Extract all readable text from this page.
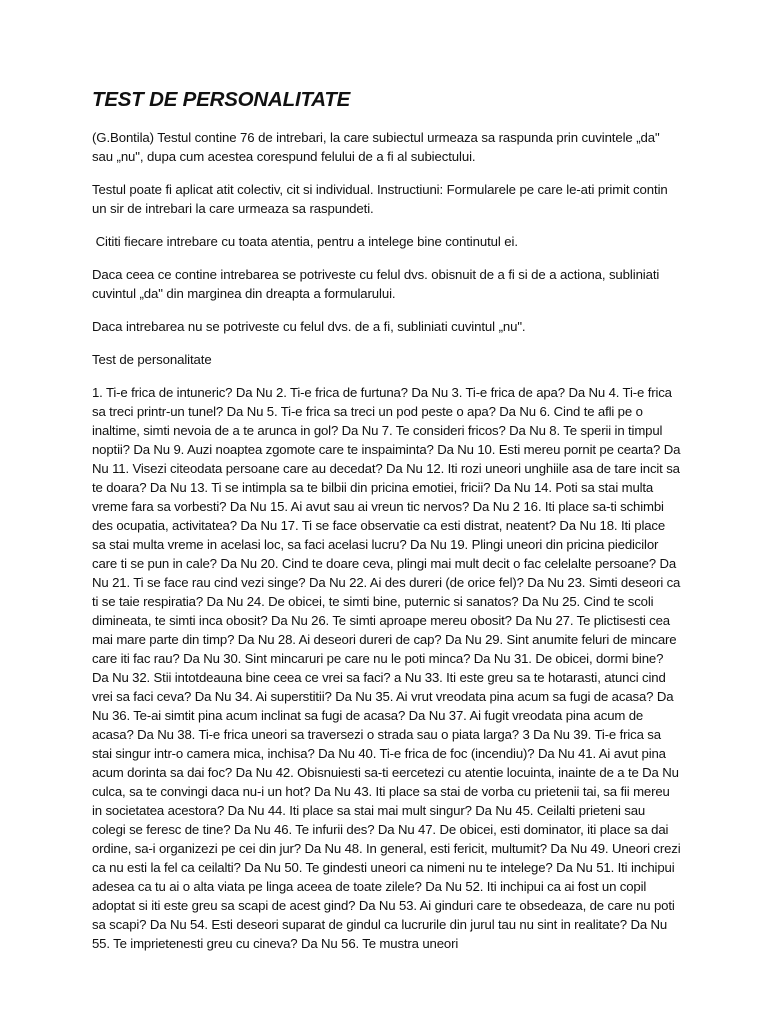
TEST DE PERSONALITATE

(G.Bontila) Testul contine 76 de intrebari, la care subiectul urmeaza sa raspunda prin cuvintele „da" sau „nu", dupa cum acestea corespund felului de a fi al subiectului.

Testul poate fi aplicat atit colectiv, cit si individual. Instructiuni: Formularele pe care le-ati primit contin un sir de intrebari la care urmeaza sa raspundeti.

Cititi fiecare intrebare cu toata atentia, pentru a intelege bine continutul ei.

Daca ceea ce contine intrebarea se potriveste cu felul dvs. obisnuit de a fi si de a actiona, subliniati cuvintul „da" din marginea din dreapta a formularului.

Daca intrebarea nu se potriveste cu felul dvs. de a fi, subliniati cuvintul „nu".

Test de personalitate

1. Ti-e frica de intuneric? Da Nu 2. Ti-e frica de furtuna? Da Nu 3. Ti-e frica de apa? Da Nu 4. Ti-e frica sa treci printr-un tunel? Da Nu 5. Ti-e frica sa treci un pod peste o apa? Da Nu 6. Cind te afli pe o inaltime, simti nevoia de a te arunca in gol? Da Nu 7. Te consideri fricos? Da Nu 8. Te sperii in timpul noptii? Da Nu 9. Auzi noaptea zgomote care te inspaiminta? Da Nu 10. Esti mereu pornit pe cearta? Da Nu 11. Visezi citeodata persoane care au decedat? Da Nu 12. Iti rozi uneori unghiile asa de tare incit sa te doara? Da Nu 13. Ti se intimpla sa te bilbii din pricina emotiei, fricii? Da Nu 14. Poti sa stai multa vreme fara sa vorbesti? Da Nu 15. Ai avut sau ai vreun tic nervos? Da Nu 2 16. Iti place sa-ti schimbi des ocupatia, activitatea? Da Nu 17. Ti se face observatie ca esti distrat, neatent? Da Nu 18. Iti place sa stai multa vreme in acelasi loc, sa faci acelasi lucru? Da Nu 19. Plingi uneori din pricina piedicilor care ti se pun in cale? Da Nu 20. Cind te doare ceva, plingi mai mult decit o fac celelalte persoane? Da Nu 21. Ti se face rau cind vezi singe? Da Nu 22. Ai des dureri (de orice fel)? Da Nu 23. Simti deseori ca ti se taie respiratia? Da Nu 24. De obicei, te simti bine, puternic si sanatos? Da Nu 25. Cind te scoli dimineata, te simti inca obosit? Da Nu 26. Te simti aproape mereu obosit? Da Nu 27. Te plictisesti cea mai mare parte din timp? Da Nu 28. Ai deseori dureri de cap? Da Nu 29. Sint anumite feluri de mincare care iti fac rau? Da Nu 30. Sint mincaruri pe care nu le poti minca? Da Nu 31. De obicei, dormi bine? Da Nu 32. Stii intotdeauna bine ceea ce vrei sa faci? a Nu 33. Iti este greu sa te hotarasti, atunci cind vrei sa faci ceva? Da Nu 34. Ai superstitii? Da Nu 35. Ai vrut vreodata pina acum sa fugi de acasa? Da Nu 36. Te-ai simtit pina acum inclinat sa fugi de acasa? Da Nu 37. Ai fugit vreodata pina acum de acasa? Da Nu 38. Ti-e frica uneori sa traversezi o strada sau o piata larga? 3 Da Nu 39. Ti-e frica sa stai singur intr-o camera mica, inchisa? Da Nu 40. Ti-e frica de foc (incendiu)? Da Nu 41. Ai avut pina acum dorinta sa dai foc? Da Nu 42. Obisnuiesti sa-ti eercetezi cu atentie locuinta, inainte de a te Da Nu culca, sa te convingi daca nu-i un hot? Da Nu 43. Iti place sa stai de vorba cu prietenii tai, sa fii mereu in societatea acestora? Da Nu 44. Iti place sa stai mai mult singur? Da Nu 45. Ceilalti prieteni sau colegi se feresc de tine? Da Nu 46. Te infurii des? Da Nu 47. De obicei, esti dominator, iti place sa dai ordine, sa-i organizezi pe cei din jur? Da Nu 48. In general, esti fericit, multumit? Da Nu 49. Uneori crezi ca nu esti la fel ca ceilalti? Da Nu 50. Te gindesti uneori ca nimeni nu te intelege? Da Nu 51. Iti inchipui adesea ca tu ai o alta viata pe linga aceea de toate zilele? Da Nu 52. Iti inchipui ca ai fost un copil adoptat si iti este greu sa scapi de acest gind? Da Nu 53. Ai ginduri care te obsedeaza, de care nu poti sa scapi? Da Nu 54. Esti deseori suparat de gindul ca lucrurile din jurul tau nu sint in realitate? Da Nu 55. Te imprietenesti greu cu cineva? Da Nu 56. Te mustra uneori
